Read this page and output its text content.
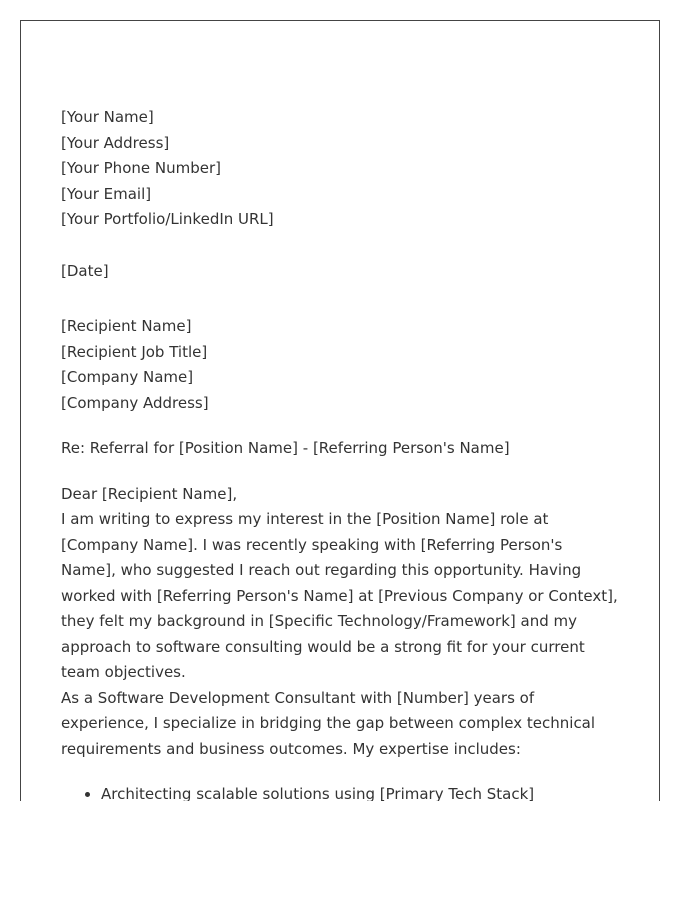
[Your Name]
[Your Address]
[Your Phone Number]
[Your Email]
[Your Portfolio/LinkedIn URL]
[Date]
[Recipient Name]
[Recipient Job Title]
[Company Name]
[Company Address]
Re: Referral for [Position Name] - [Referring Person's Name]
Dear [Recipient Name],

I am writing to express my interest in the [Position Name] role at [Company Name]. I was recently speaking with [Referring Person's Name], who suggested I reach out regarding this opportunity. Having worked with [Referring Person's Name] at [Previous Company or Context], they felt my background in [Specific Technology/Framework] and my approach to software consulting would be a strong fit for your current team objectives.

As a Software Development Consultant with [Number] years of experience, I specialize in bridging the gap between complex technical requirements and business outcomes. My expertise includes:

• Architecting scalable solutions using [Primary Tech Stack]
